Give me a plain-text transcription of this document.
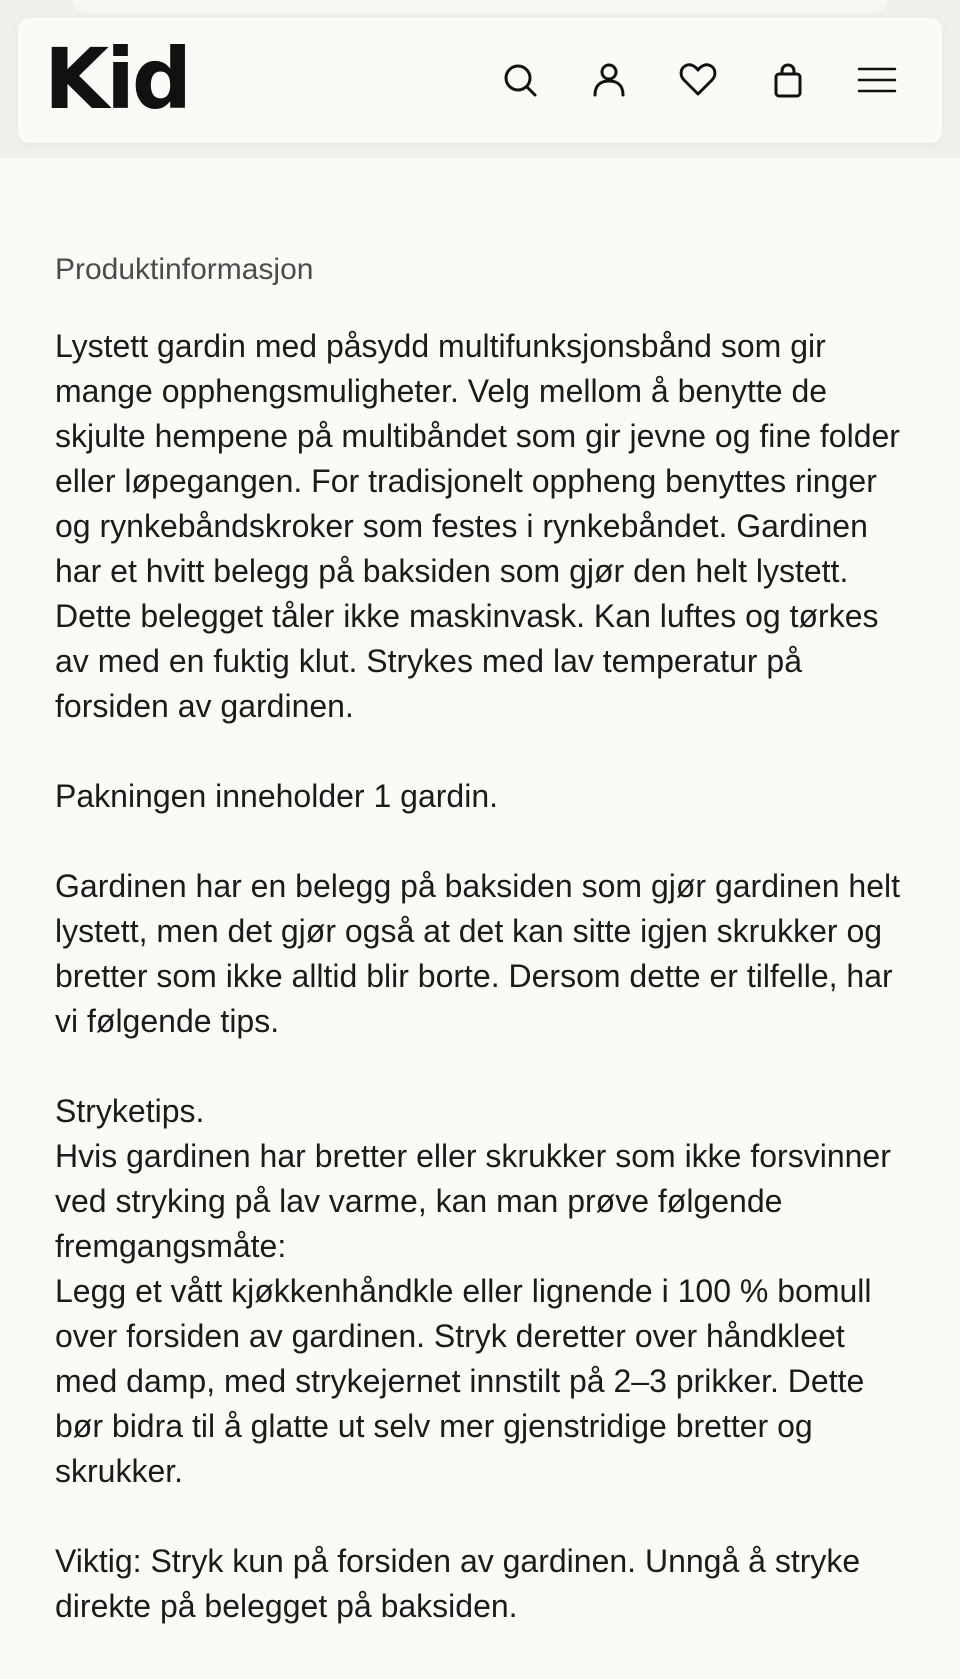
Kid
Produktinformasjon

Lystett gardin med påsydd multifunksjonsbånd som gir mange opphengsmuligheter. Velg mellom å benytte de skjulte hempene på multibåndet som gir jevne og fine folder eller løpegangen. For tradisjonelt oppheng benyttes ringer og rynkebåndskroker som festes i rynkebåndet. Gardinen har et hvitt belegg på baksiden som gjør den helt lystett. Dette belegget tåler ikke maskinvask. Kan luftes og tørkes av med en fuktig klut. Strykes med lav temperatur på forsiden av gardinen.

Pakningen inneholder 1 gardin.

Gardinen har en belegg på baksiden som gjør gardinen helt lystett, men det gjør også at det kan sitte igjen skrukker og bretter som ikke alltid blir borte. Dersom dette er tilfelle, har vi følgende tips.

Stryketips.

Hvis gardinen har bretter eller skrukker som ikke forsvinner ved stryking på lav varme, kan man prøve følgende fremgangsmåte:

Legg et vått kjøkkenhåndkle eller lignende i 100 % bomull over forsiden av gardinen. Stryk deretter over håndkleet med damp, med strykejernet innstilt på 2–3 prikker. Dette bør bidra til å glatte ut selv mer gjenstridige bretter og skrukker.

Viktig: Stryk kun på forsiden av gardinen. Unngå å stryke direkte på belegget på baksiden.
